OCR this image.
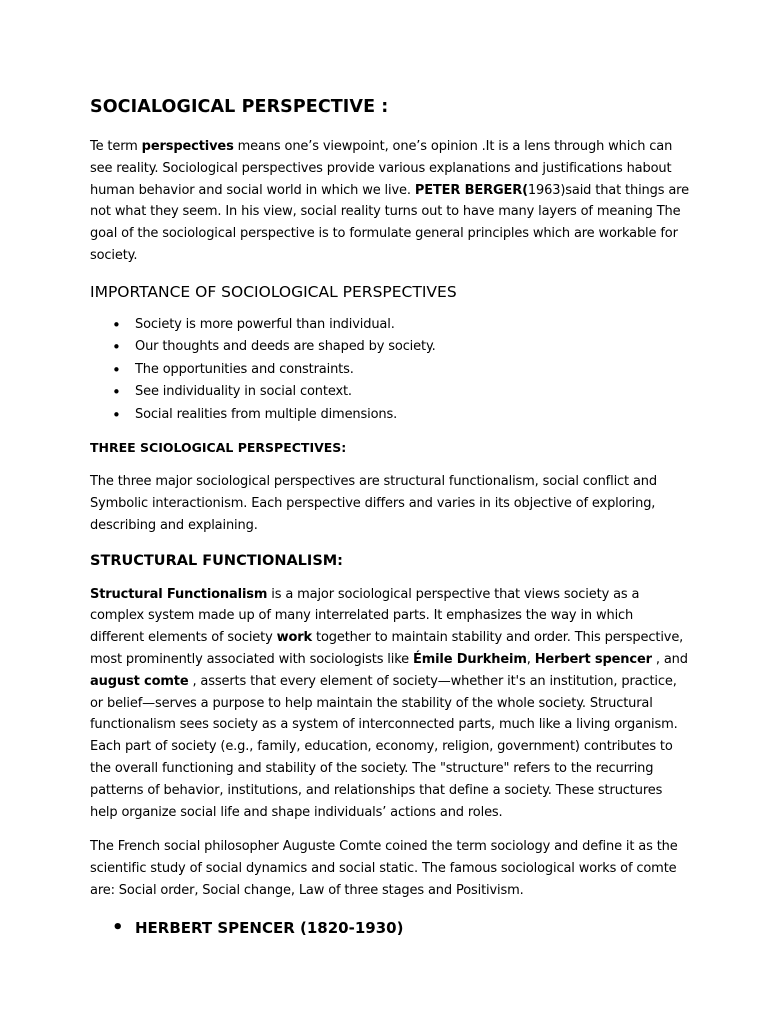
SOCIALOGICAL PERSPECTIVE :

Te term perspectives means one’s viewpoint, one’s opinion .It is a lens through which can see reality. Sociological perspectives provide various explanations and justifications habout human behavior and social world in which we live. PETER BERGER(1963)said that things are not what they seem. In his view, social reality turns out to have many layers of meaning The goal of the sociological perspective is to formulate general principles which are workable for society.

IMPORTANCE OF SOCIOLOGICAL PERSPECTIVES
• Society is more powerful than individual.
• Our thoughts and deeds are shaped by society.
• The opportunities and constraints.
• See individuality in social context.
• Social realities from multiple dimensions.
THREE SCIOLOGICAL PERSPECTIVES:

The three major sociological perspectives are structural functionalism, social conflict and Symbolic interactionism. Each perspective differs and varies in its objective of exploring, describing and explaining.

STRUCTURAL FUNCTIONALISM:

Structural Functionalism is a major sociological perspective that views society as a complex system made up of many interrelated parts. It emphasizes the way in which different elements of society work together to maintain stability and order. This perspective, most prominently associated with sociologists like Émile Durkheim, Herbert spencer , and august comte , asserts that every element of society—whether it's an institution, practice, or belief—serves a purpose to help maintain the stability of the whole society. Structural functionalism sees society as a system of interconnected parts, much like a living organism. Each part of society (e.g., family, education, economy, religion, government) contributes to the overall functioning and stability of the society. The "structure" refers to the recurring patterns of behavior, institutions, and relationships that define a society. These structures help organize social life and shape individuals’ actions and roles.

The French social philosopher Auguste Comte coined the term sociology and define it as the scientific study of social dynamics and social static. The famous sociological works of comte are: Social order, Social change, Law of three stages and Positivism.

• HERBERT SPENCER (1820-1930)
